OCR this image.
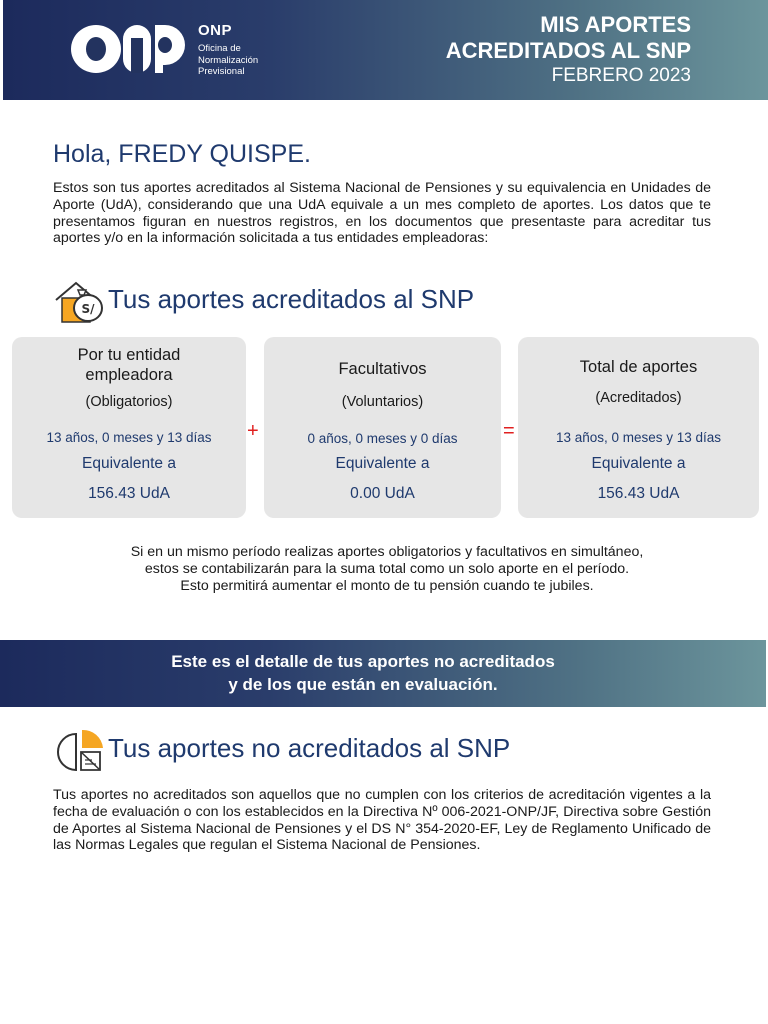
ONP
Oficina de
Normalización
Previsional
MIS APORTES
ACREDITADOS AL SNP
FEBRERO 2023
Hola, FREDY QUISPE.
Estos son tus aportes acreditados al Sistema Nacional de Pensiones y su equivalencia en Unidades de Aporte (UdA), considerando que una UdA equivale a un mes completo de aportes. Los datos que te presentamos figuran en nuestros registros, en los documentos que presentaste para acreditar tus aportes y/o en la información solicitada a tus entidades empleadoras:
S/ Tus aportes acreditados al SNP
Por tu entidad
empleadora
(Obligatorios)
13 años, 0 meses y 13 días
Equivalente a
156.43 UdA
+
Facultativos
(Voluntarios)
0 años, 0 meses y 0 días
Equivalente a
0.00 UdA
=
Total de aportes
(Acreditados)
13 años, 0 meses y 13 días
Equivalente a
156.43 UdA
Si en un mismo período realizas aportes obligatorios y facultativos en simultáneo,
estos se contabilizarán para la suma total como un solo aporte en el período.
Esto permitirá aumentar el monto de tu pensión cuando te jubiles.
Este es el detalle de tus aportes no acreditados
y de los que están en evaluación.
Tus aportes no acreditados al SNP
Tus aportes no acreditados son aquellos que no cumplen con los criterios de acreditación vigentes a la fecha de evaluación o con los establecidos en la Directiva Nº 006-2021-ONP/JF, Directiva sobre Gestión de Aportes al Sistema Nacional de Pensiones y el DS N° 354-2020-EF, Ley de Reglamento Unificado de las Normas Legales que regulan el Sistema Nacional de Pensiones.
